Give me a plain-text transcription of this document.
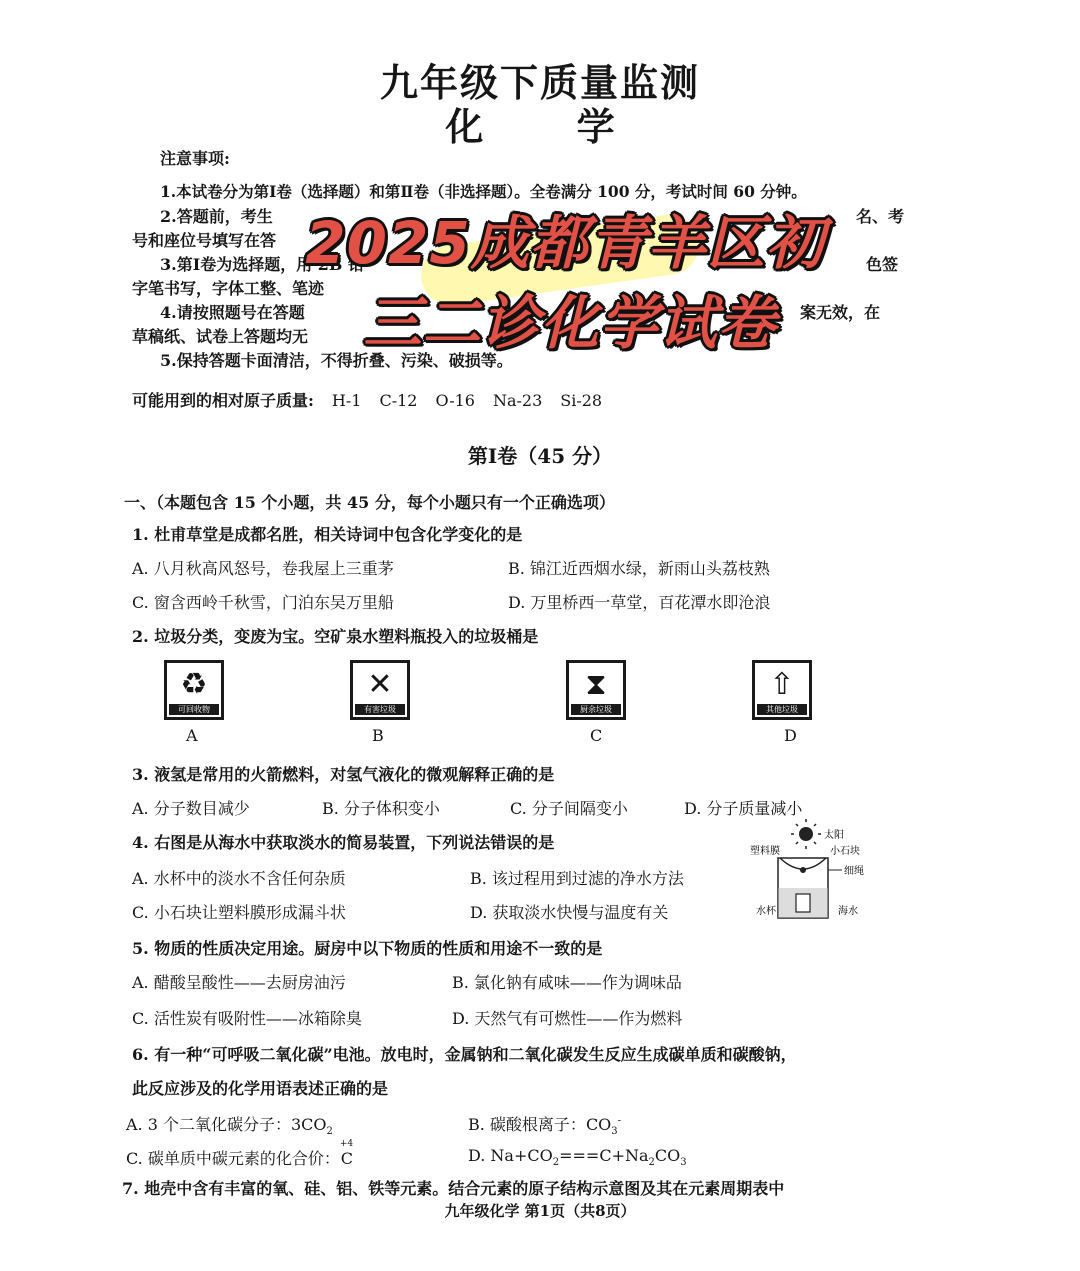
九年级下质量监测
化 学
注意事项:
1.本试卷分为第Ⅰ卷（选择题）和第Ⅱ卷（非选择题）。全卷满分 100 分，考试时间 60 分钟。
2.答题前，考生	名、考
号和座位号填写在答
3.第Ⅰ卷为选择题，用 2B 铅	色签
字笔书写，字体工整、笔迹
4.请按照题号在答题	案无效，在
草稿纸、试卷上答题均无
5.保持答题卡面清洁，不得折叠、污染、破损等。
2025成都青羊区初
三二诊化学试卷
可能用到的相对原子质量: H-1 C-12 O-16 Na-23 Si-28
第Ⅰ卷（45 分）
一、（本题包含 15 个小题，共 45 分，每个小题只有一个正确选项）
1. 杜甫草堂是成都名胜，相关诗词中包含化学变化的是
A. 八月秋高风怒号，卷我屋上三重茅	B. 锦江近西烟水绿，新雨山头荔枝熟
C. 窗含西岭千秋雪，门泊东吴万里船	D. 万里桥西一草堂，百花潭水即沧浪
2. 垃圾分类，变废为宝。空矿泉水塑料瓶投入的垃圾桶是
♻
可回收物
A
✕
有害垃圾
B
⧗
厨余垃圾
C
⇧
其他垃圾
D
3. 液氢是常用的火箭燃料，对氢气液化的微观解释正确的是
A. 分子数目减少	B. 分子体积变小	C. 分子间隔变小	D. 分子质量减小
4. 右图是从海水中获取淡水的简易装置，下列说法错误的是
A. 水杯中的淡水不含任何杂质	B. 该过程用到过滤的净水方法
C. 小石块让塑料膜形成漏斗状	D. 获取淡水快慢与温度有关
太阳
小石块
塑料膜
细绳
水杯	海水
5. 物质的性质决定用途。厨房中以下物质的性质和用途不一致的是
A. 醋酸呈酸性——去厨房油污	B. 氯化钠有咸味——作为调味品
C. 活性炭有吸附性——冰箱除臭	D. 天然气有可燃性——作为燃料
6. 有一种“可呼吸二氧化碳”电池。放电时，金属钠和二氧化碳发生反应生成碳单质和碳酸钠，
此反应涉及的化学用语表述正确的是
A. 3 个二氧化碳分子：$3CO_2$	B. 碳酸根离子：$CO_3^-$
C. 碳单质中碳元素的化合价：
+4
C	D. $Na+CO_2===C+Na_2CO_3$
7. 地壳中含有丰富的氧、硅、铝、铁等元素。结合元素的原子结构示意图及其在元素周期表中
九年级化学 第1页（共8页）
